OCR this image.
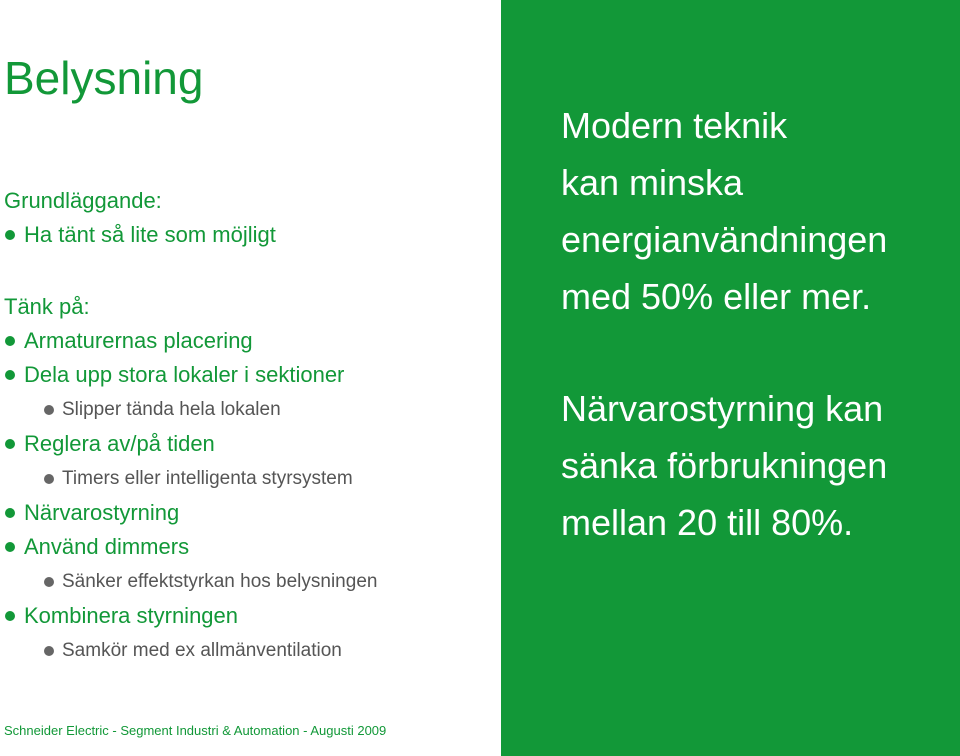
Belysning
Grundläggande:
Ha tänt så lite som möjligt
Tänk på:
Armaturernas placering
Dela upp stora lokaler i sektioner
Slipper tända hela lokalen
Reglera av/på tiden
Timers eller intelligenta styrsystem
Närvarostyrning
Använd dimmers
Sänker effektstyrkan hos belysningen
Kombinera styrningen
Samkör med ex allmänventilation

Modern teknik

kan minska

energianvändningen

med 50% eller mer.

Närvarostyrning kan

sänka förbrukningen

mellan 20 till 80%.

Schneider Electric - Segment Industri & Automation - Augusti 2009
